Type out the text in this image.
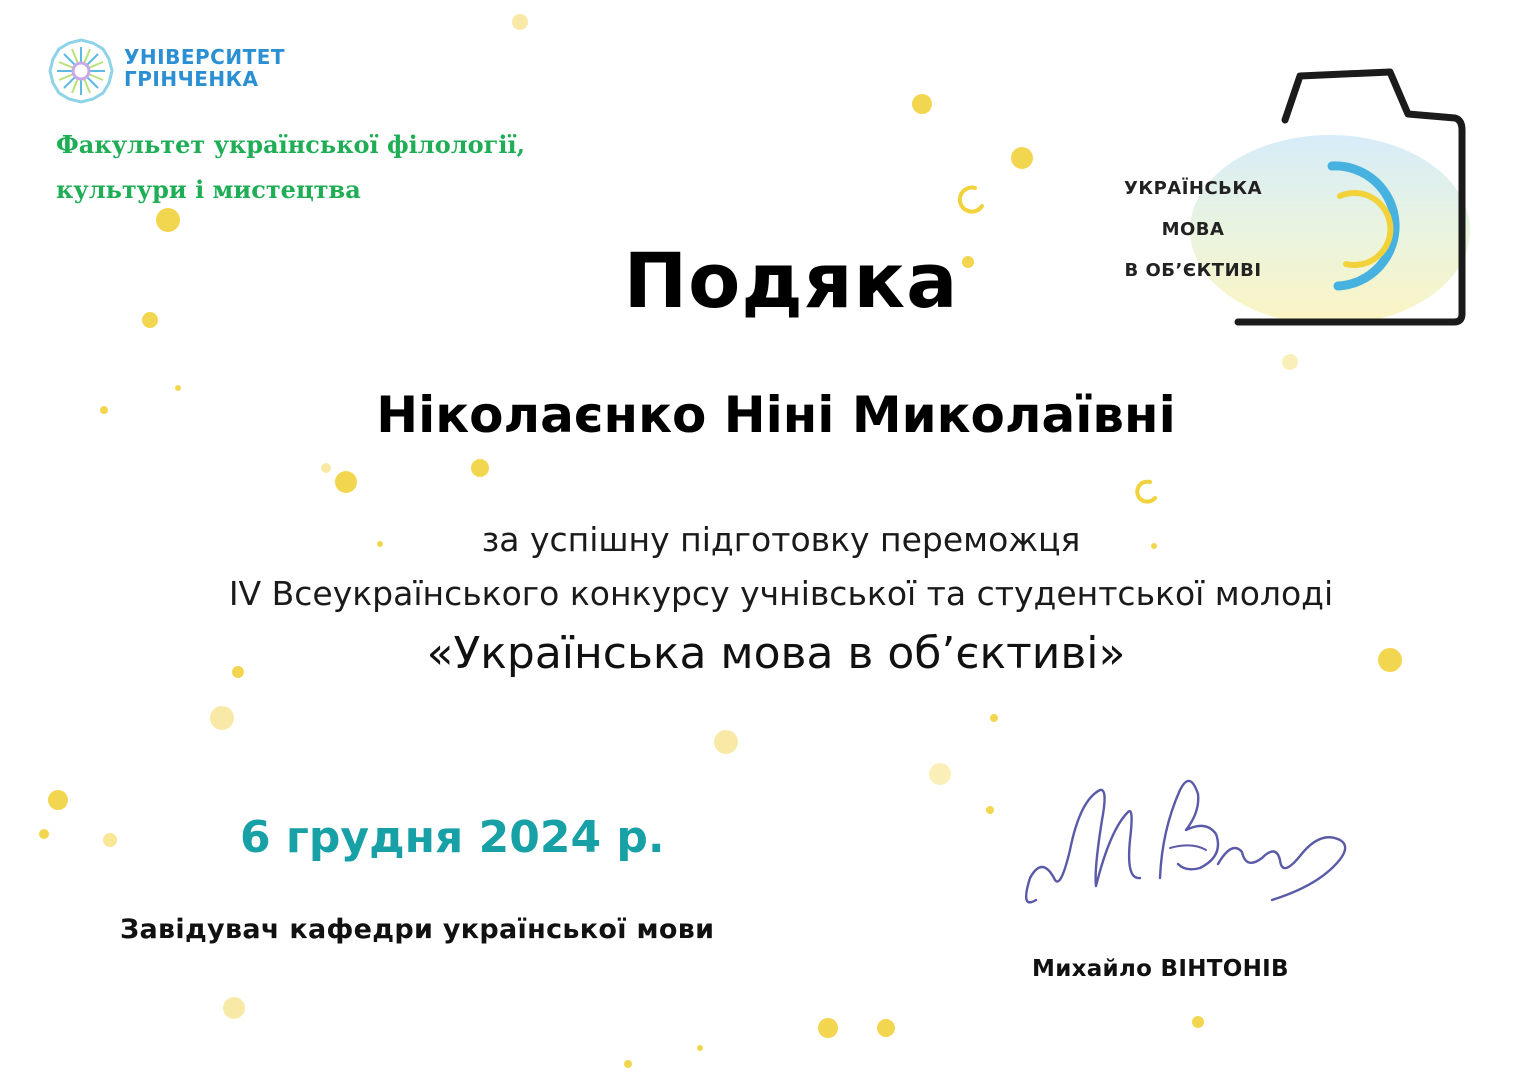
УНІВЕРСИТЕТ
ГРІНЧЕНКА
Факультет української філології,
культури і мистецтва	УКРАЇНСЬКА
МОВА
В ОБ’ЄКТИВІ
Подяка
Ніколаєнко Ніні Миколаївні
за успішну підготовку переможця
IV Всеукраїнського конкурсу учнівської та студентської молоді
«Українська мова в об’єктиві»
6 грудня 2024 р.
Завідувач кафедри української мови
Михайло ВІНТОНІВ
